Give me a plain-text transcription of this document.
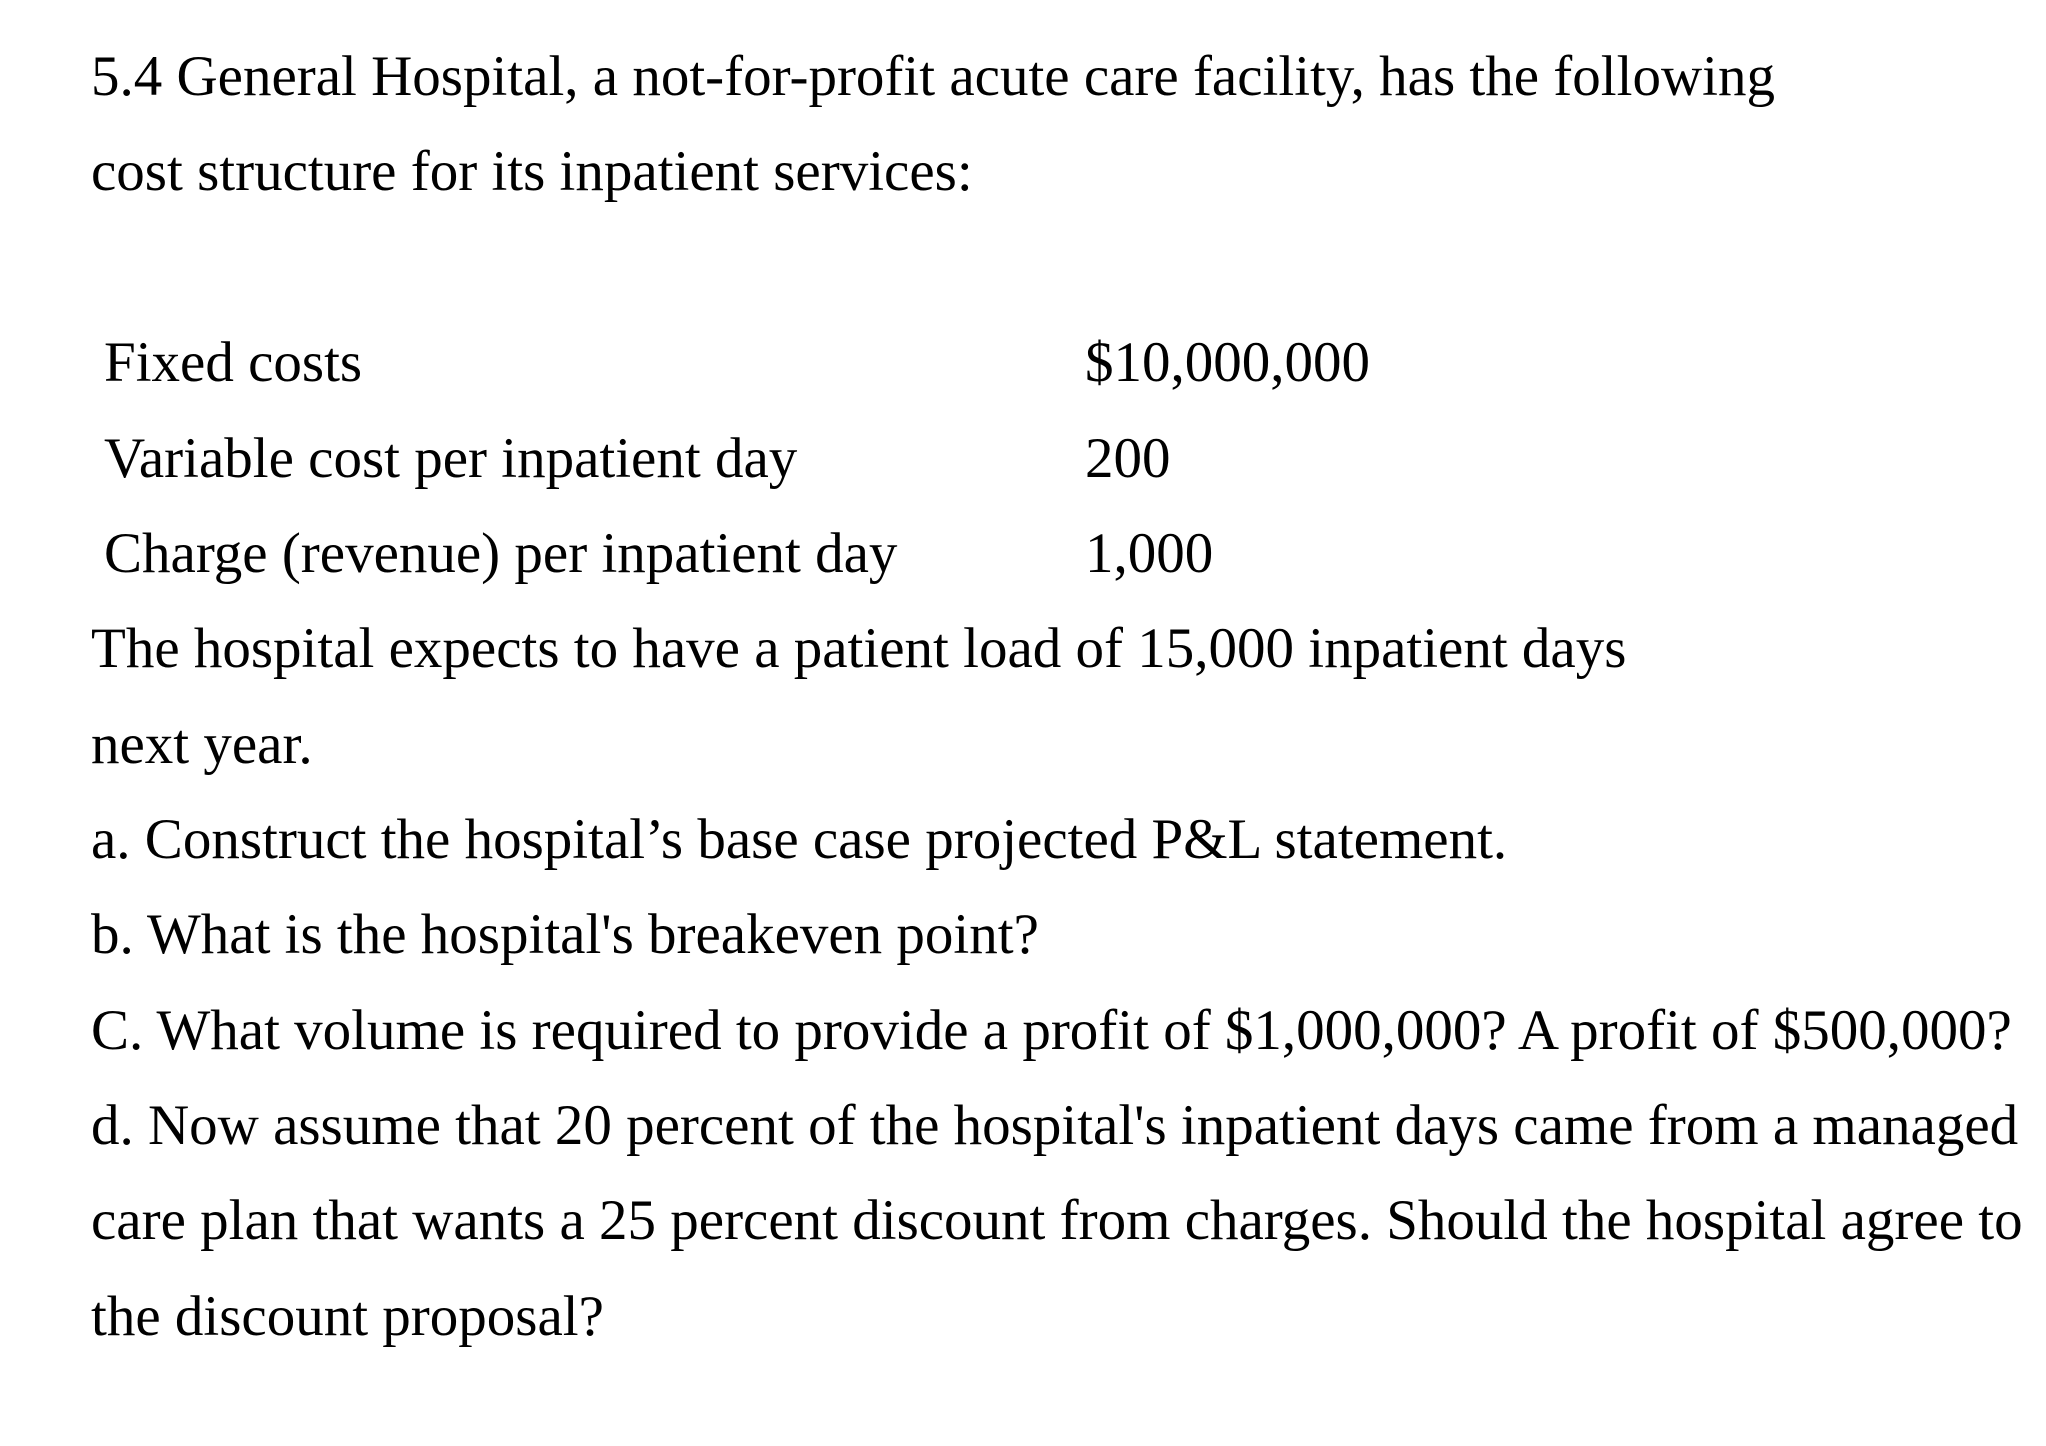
5.4 General Hospital, a not-for-profit acute care facility, has the following
cost structure for its inpatient services:
Fixed costs	$10,000,000
Variable cost per inpatient day	200
Charge (revenue) per inpatient day	1,000
The hospital expects to have a patient load of 15,000 inpatient days
next year.
a. Construct the hospital’s base case projected P&L statement.
b. What is the hospital's breakeven point?
C. What volume is required to provide a profit of $1,000,000? A profit of $500,000?
d. Now assume that 20 percent of the hospital's inpatient days came from a managed
care plan that wants a 25 percent discount from charges. Should the hospital agree to
the discount proposal?
